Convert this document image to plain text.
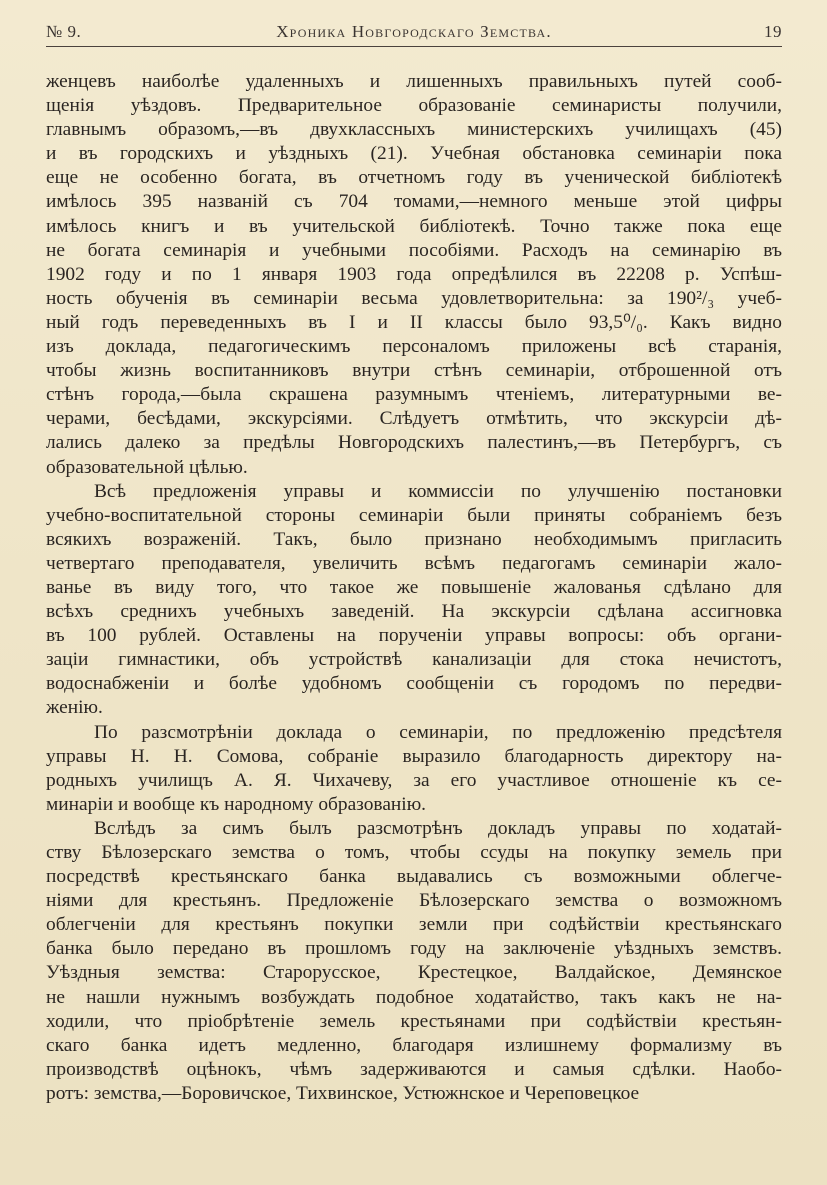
№ 9.	Хроника Новгородскаго Земства.	19
женцевъ наиболѣе удаленныхъ и лишенныхъ правильныхъ путей сооб-
щенія уѣздовъ. Предварительное образованіе семинаристы получили,
главнымъ образомъ,—въ двухклассныхъ министерскихъ училищахъ (45)
и въ городскихъ и уѣздныхъ (21). Учебная обстановка семинаріи пока
еще не особенно богата, въ отчетномъ году въ ученической библіотекѣ
имѣлось 395 названій съ 704 томами,—немного меньше этой цифры
имѣлось книгъ и въ учительской библіотекѣ. Точно также пока еще
не богата семинарія и учебными пособіями. Расходъ на семинарію въ
1902 году и по 1 января 1903 года опредѣлился въ 22208 р. Успѣш-
ность обученія въ семинаріи весьма удовлетворительна: за 190²/₃ учеб-
ный годъ переведенныхъ въ I и II классы было 93,5⁰/₀. Какъ видно
изъ доклада, педагогическимъ персоналомъ приложены всѣ старанія,
чтобы жизнь воспитанниковъ внутри стѣнъ семинаріи, отброшенной отъ
стѣнъ города,—была скрашена разумнымъ чтеніемъ, литературными ве-
черами, бесѣдами, экскурсіями. Слѣдуетъ отмѣтить, что экскурсіи дѣ-
лались далеко за предѣлы Новгородскихъ палестинъ,—въ Петербургъ, съ
образовательной цѣлью.
Всѣ предложенія управы и коммиссіи по улучшенію постановки
учебно-воспитательной стороны семинаріи были приняты собраніемъ безъ
всякихъ возраженій. Такъ, было признано необходимымъ пригласить
четвертаго преподавателя, увеличить всѣмъ педагогамъ семинаріи жало-
ванье въ виду того, что такое же повышеніе жалованья сдѣлано для
всѣхъ среднихъ учебныхъ заведеній. На экскурсіи сдѣлана ассигновка
въ 100 рублей. Оставлены на порученіи управы вопросы: объ органи-
заціи гимнастики, объ устройствѣ канализаціи для стока нечистотъ,
водоснабженіи и болѣе удобномъ сообщеніи съ городомъ по передви-
женію.
По разсмотрѣніи доклада о семинаріи, по предложенію предсѣтеля
управы Н. Н. Сомова, собраніе выразило благодарность директору на-
родныхъ училищъ А. Я. Чихачеву, за его участливое отношеніе къ се-
минаріи и вообще къ народному образованію.
Вслѣдъ за симъ былъ разсмотрѣнъ докладъ управы по ходатай-
ству Бѣлозерскаго земства о томъ, чтобы ссуды на покупку земель при
посредствѣ крестьянскаго банка выдавались съ возможными облегче-
ніями для крестьянъ. Предложеніе Бѣлозерскаго земства о возможномъ
облегченіи для крестьянъ покупки земли при содѣйствіи крестьянскаго
банка было передано въ прошломъ году на заключеніе уѣздныхъ земствъ.
Уѣздныя земства: Старорусское, Крестецкое, Валдайское, Демянское
не нашли нужнымъ возбуждать подобное ходатайство, такъ какъ не на-
ходили, что пріобрѣтеніе земель крестьянами при содѣйствіи крестьян-
скаго банка идетъ медленно, благодаря излишнему формализму въ
производствѣ оцѣнокъ, чѣмъ задерживаются и самыя сдѣлки. Наобо-
ротъ: земства,—Боровичское, Тихвинское, Устюжнское и Череповецкое
